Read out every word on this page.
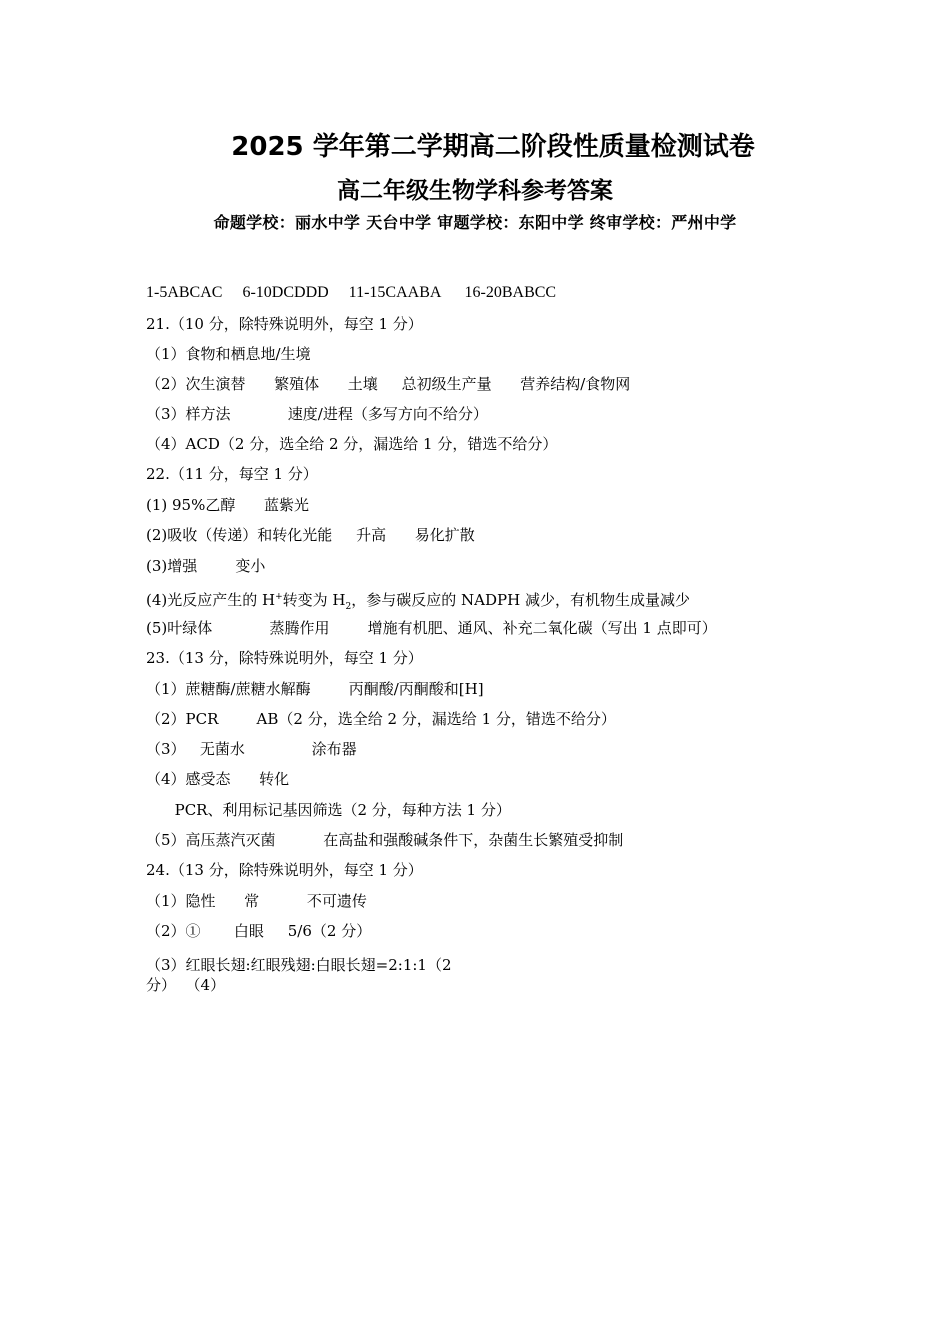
2025 学年第二学期高二阶段性质量检测试卷
高二年级生物学科参考答案
命题学校：丽水中学 天台中学 审题学校：东阳中学 终审学校：严州中学
1-5ABCAC     6-10DCDDD     11-15CAABA      16-20BABCC
21.（10 分，除特殊说明外，每空 1 分）
（1）食物和栖息地/生境
（2）次生演替      繁殖体      土壤     总初级生产量      营养结构/食物网
（3）样方法            速度/进程（多写方向不给分）
（4）ACD（2 分，选全给 2 分，漏选给 1 分，错选不给分）
22.（11 分，每空 1 分）
(1) 95%乙醇      蓝紫光
(2)吸收（传递）和转化光能     升高      易化扩散
(3)增强        变小
(4)光反应产生的 H+转变为 $H_2$，参与碳反应的 NADPH 减少，有机物生成量减少
(5)叶绿体            蒸腾作用        增施有机肥、通风、补充二氧化碳（写出 1 点即可）
23.（13 分，除特殊说明外，每空 1 分）
（1）蔗糖酶/蔗糖水解酶        丙酮酸/丙酮酸和[H]
（2）PCR        AB（2 分，选全给 2 分，漏选给 1 分，错选不给分）
（3）   无菌水              涂布器
（4）感受态      转化
PCR、利用标记基因筛选（2 分，每种方法 1 分）
（5）高压蒸汽灭菌          在高盐和强酸碱条件下，杂菌生长繁殖受抑制
24.（13 分，除特殊说明外，每空 1 分）
（1）隐性      常          不可遗传
（2）①       白眼     5/6（2 分）
（3）红眼长翅:红眼残翅:白眼长翅=2:1:1（2
分）  （4）
